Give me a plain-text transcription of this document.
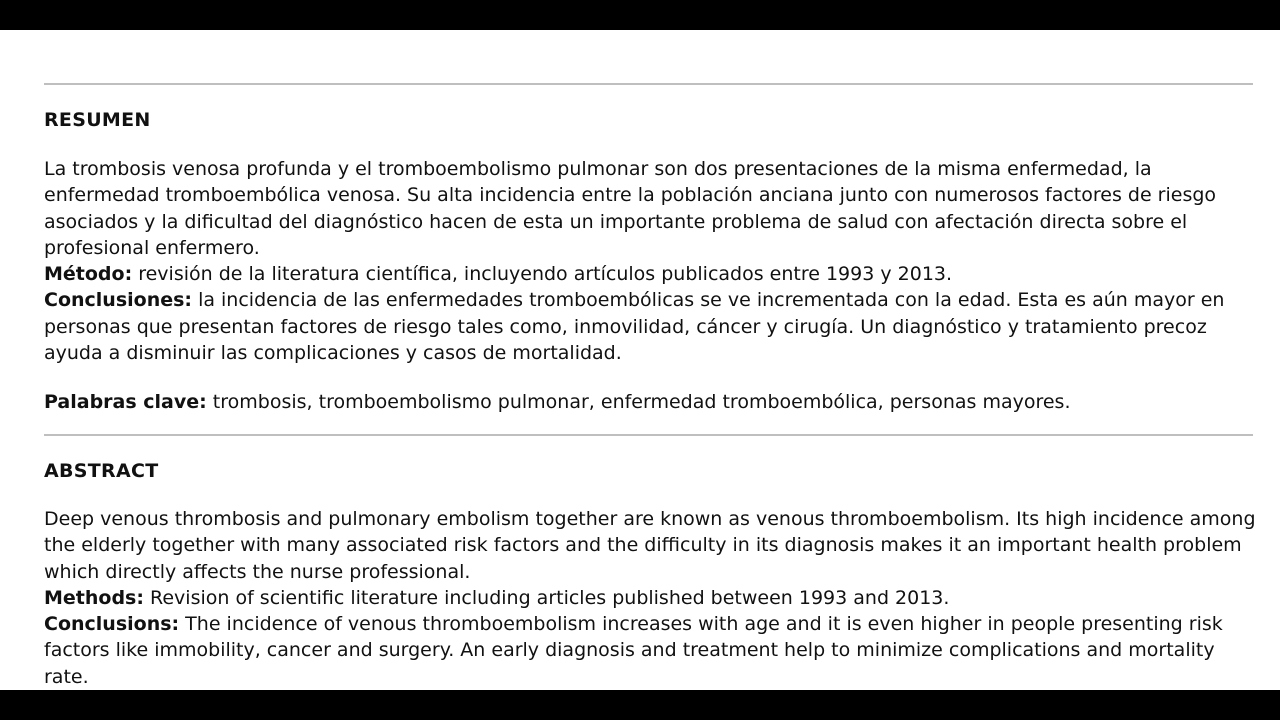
RESUMEN
La trombosis venosa profunda y el tromboembolismo pulmonar son dos presentaciones de la misma enfermedad, la enfermedad tromboembólica venosa. Su alta incidencia entre la población anciana junto con numerosos factores de riesgo asociados y la dificultad del diagnóstico hacen de esta un importante problema de salud con afectación directa sobre el profesional enfermero.
Método: revisión de la literatura científica, incluyendo artículos publicados entre 1993 y 2013.
Conclusiones: la incidencia de las enfermedades tromboembólicas se ve incrementada con la edad. Esta es aún mayor en personas que presentan factores de riesgo tales como, inmovilidad, cáncer y cirugía. Un diagnóstico y tratamiento precoz ayuda a disminuir las complicaciones y casos de mortalidad.
Palabras clave: trombosis, tromboembolismo pulmonar, enfermedad tromboembólica, personas mayores.
ABSTRACT
Deep venous thrombosis and pulmonary embolism together are known as venous thromboembolism. Its high incidence among the elderly together with many associated risk factors and the difficulty in its diagnosis makes it an important health problem which directly affects the nurse professional.
Methods: Revision of scientific literature including articles published between 1993 and 2013.
Conclusions: The incidence of venous thromboembolism increases with age and it is even higher in people presenting risk factors like immobility, cancer and surgery. An early diagnosis and treatment help to minimize complications and mortality rate.
